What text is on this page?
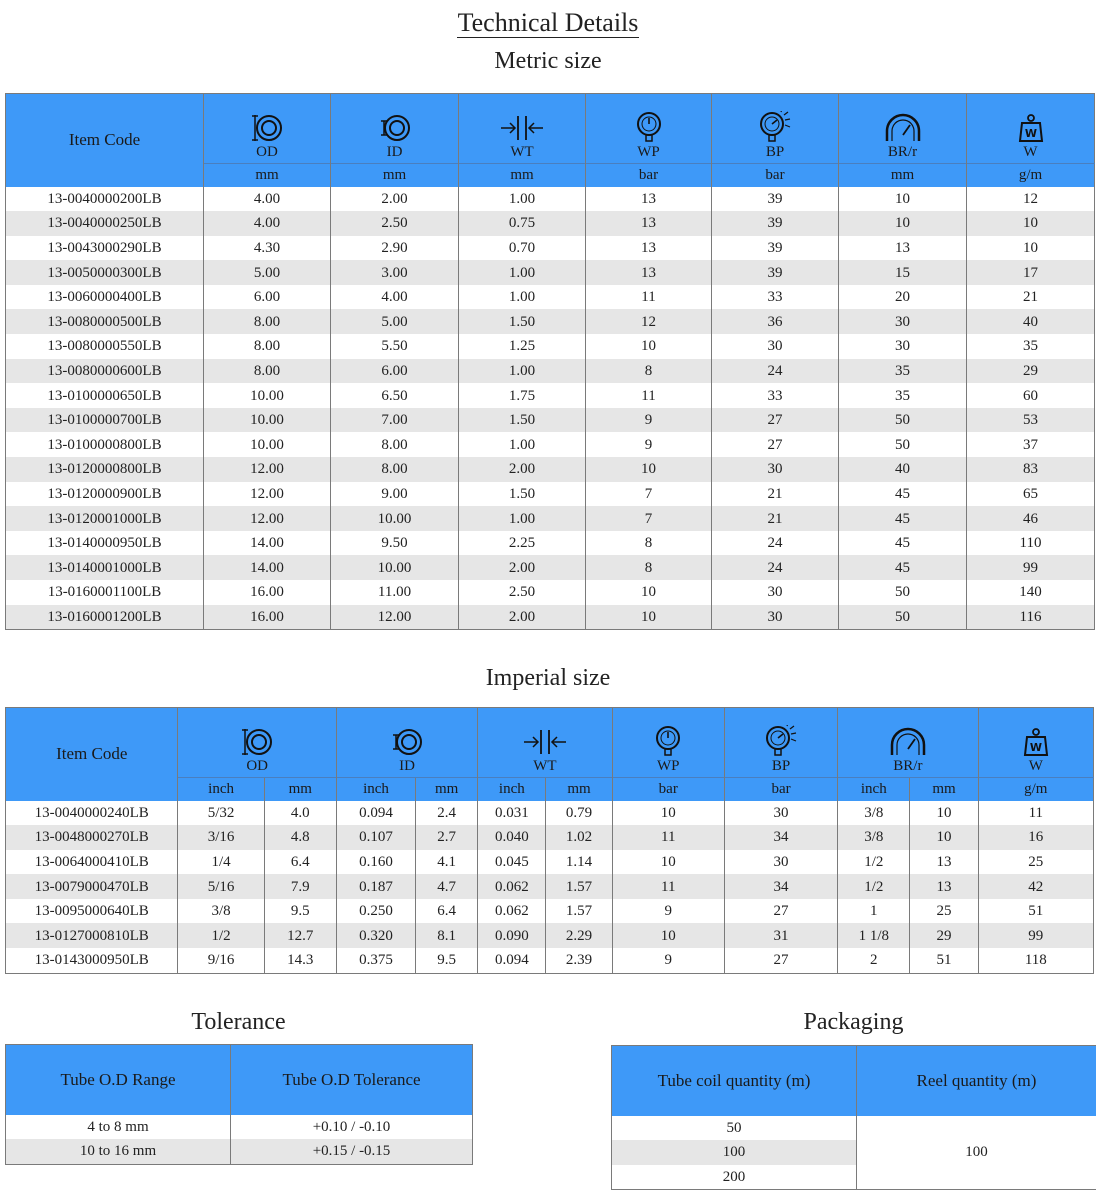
Technical Details
Metric size
Item Code	OD	ID	WT	WP	BP	BR/r	W
W
	mm	mm	mm	bar	bar	mm	g/m
13-0040000200LB	4.00	2.00	1.00	13	39	10	12
13-0040000250LB	4.00	2.50	0.75	13	39	10	10
13-0043000290LB	4.30	2.90	0.70	13	39	13	10
13-0050000300LB	5.00	3.00	1.00	13	39	15	17
13-0060000400LB	6.00	4.00	1.00	11	33	20	21
13-0080000500LB	8.00	5.00	1.50	12	36	30	40
13-0080000550LB	8.00	5.50	1.25	10	30	30	35
13-0080000600LB	8.00	6.00	1.00	8	24	35	29
13-0100000650LB	10.00	6.50	1.75	11	33	35	60
13-0100000700LB	10.00	7.00	1.50	9	27	50	53
13-0100000800LB	10.00	8.00	1.00	9	27	50	37
13-0120000800LB	12.00	8.00	2.00	10	30	40	83
13-0120000900LB	12.00	9.00	1.50	7	21	45	65
13-0120001000LB	12.00	10.00	1.00	7	21	45	46
13-0140000950LB	14.00	9.50	2.25	8	24	45	110
13-0140001000LB	14.00	10.00	2.00	8	24	45	99
13-0160001100LB	16.00	11.00	2.50	10	30	50	140
13-0160001200LB	16.00	12.00	2.00	10	30	50	116
Imperial size
Item Code	OD		ID		WT		WP	BP	BR/r		W
W
	inch	mm	inch	mm	inch	mm	bar	bar	inch	mm	g/m
13-0040000240LB	5/32	4.0	0.094	2.4	0.031	0.79	10	30	3/8	10	11
13-0048000270LB	3/16	4.8	0.107	2.7	0.040	1.02	11	34	3/8	10	16
13-0064000410LB	1/4	6.4	0.160	4.1	0.045	1.14	10	30	1/2	13	25
13-0079000470LB	5/16	7.9	0.187	4.7	0.062	1.57	11	34	1/2	13	42
13-0095000640LB	3/8	9.5	0.250	6.4	0.062	1.57	9	27	1	25	51
13-0127000810LB	1/2	12.7	0.320	8.1	0.090	2.29	10	31	1 1/8	29	99
13-0143000950LB	9/16	14.3	0.375	9.5	0.094	2.39	9	27	2	51	118
Tolerance
Tube O.D Range	Tube O.D Tolerance
4 to 8 mm	+0.10 / -0.10
10 to 16 mm	+0.15 / -0.15
Packaging
Tube coil quantity (m)	Reel quantity (m)
50	100
100	
200	
